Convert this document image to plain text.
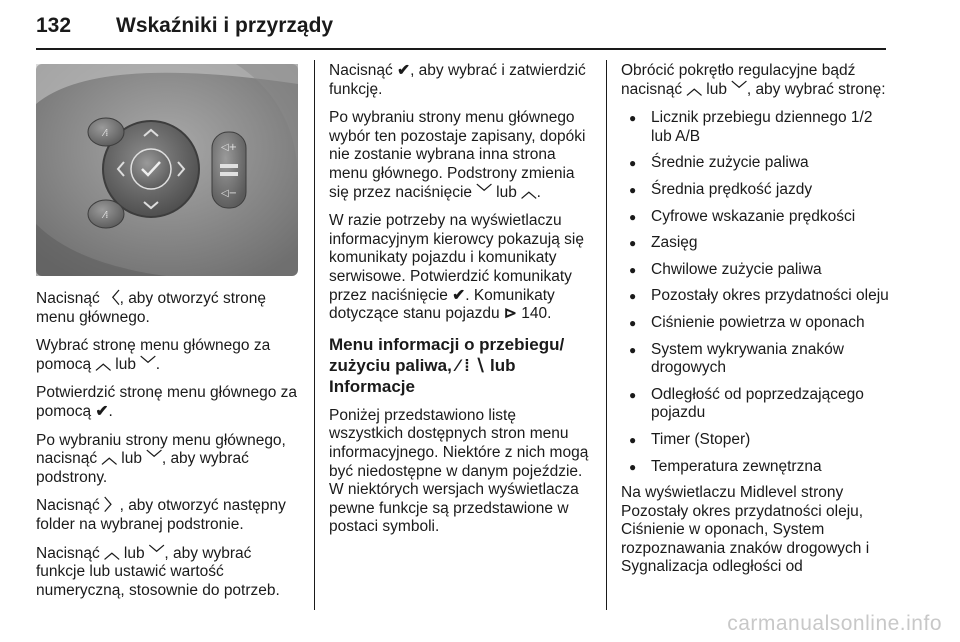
132 Wskaźniki i przyrządy
⁄⁞
⁄⁞
◁+
◁−

Nacisnąć 〈, aby otworzyć stronę menu głównego.

Wybrać stronę menu głównego za pomocą ︿ lub ﹀.

Potwierdzić stronę menu głównego za pomocą ✔.

Po wybraniu strony menu głównego, nacisnąć ︿ lub ﹀, aby wybrać podstrony.

Nacisnąć 〉, aby otworzyć następny folder na wybranej podstronie.

Nacisnąć ︿ lub ﹀, aby wybrać funkcje lub ustawić wartość numeryczną, stosownie do potrzeb.

Nacisnąć ✔, aby wybrać i zatwierdzić funkcję.

Po wybraniu strony menu głównego wybór ten pozostaje zapisany, dopóki nie zostanie wybrana inna strona menu głównego. Podstrony zmienia się przez naciśnięcie ﹀ lub ︿.

W razie potrzeby na wyświetlaczu informacyjnym kierowcy pokazują się komunikaty pojazdu i komunikaty serwisowe. Potwierdzić komunikaty przez naciśnięcie ✔. Komunikaty dotyczące stanu pojazdu ⊳ 140.

Menu informacji o przebiegu/ zużyciu paliwa, ⁄ ⁞ ∖ lub Informacje

Poniżej przedstawiono listę wszystkich dostępnych stron menu informacyjnego. Niektóre z nich mogą być niedostępne w danym pojeździe. W niektórych wersjach wyświetlacza pewne funkcje są przedstawione w postaci symboli.

Obrócić pokrętło regulacyjne bądź nacisnąć ︿ lub ﹀, aby wybrać stronę:

● Licznik przebiegu dziennego 1/2 lub A/B
● Średnie zużycie paliwa
● Średnia prędkość jazdy
● Cyfrowe wskazanie prędkości
● Zasięg
● Chwilowe zużycie paliwa
● Pozostały okres przydatności oleju
● Ciśnienie powietrza w oponach
● System wykrywania znaków drogowych
● Odległość od poprzedzającego pojazdu
● Timer (Stoper)
● Temperatura zewnętrzna

Na wyświetlaczu Midlevel strony Pozostały okres przydatności oleju, Ciśnienie w oponach, System rozpoznawania znaków drogowych i Sygnalizacja odległości od

carmanualsonline.info
